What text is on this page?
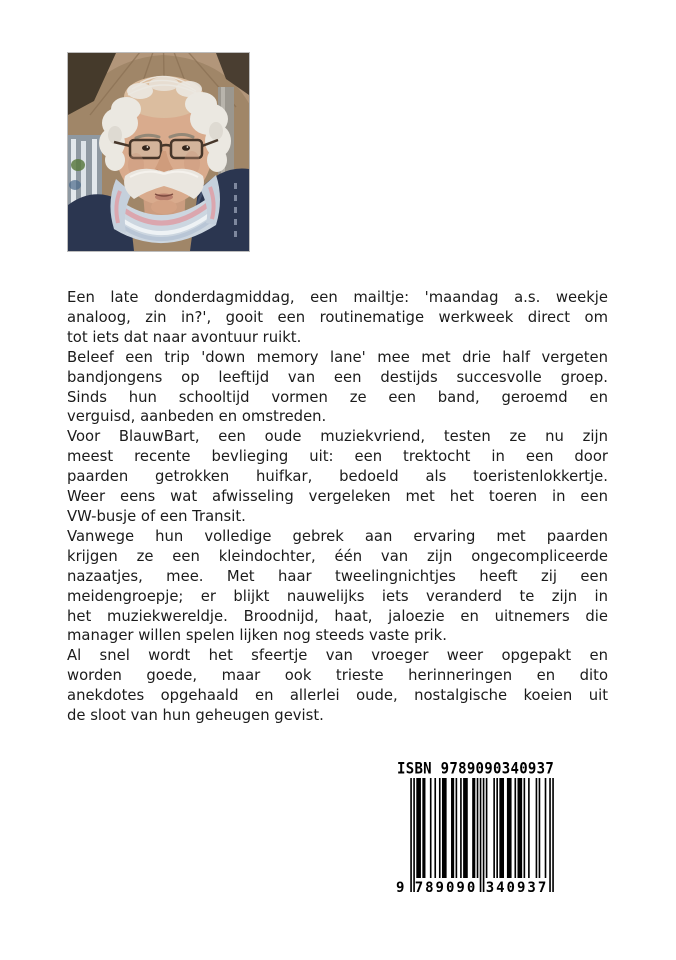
Een late donderdagmiddag, een mailtje: 'maandag a.s. weekje
analoog, zin in?', gooit een routinematige werkweek direct om
tot iets dat naar avontuur ruikt.
Beleef een trip 'down memory lane' mee met drie half vergeten
bandjongens op leeftijd van een destijds succesvolle groep.
Sinds hun schooltijd vormen ze een band, geroemd en
verguisd, aanbeden en omstreden.
Voor BlauwBart, een oude muziekvriend, testen ze nu zijn
meest recente bevlieging uit: een trektocht in een door
paarden getrokken huifkar, bedoeld als toeristenlokkertje.
Weer eens wat afwisseling vergeleken met het toeren in een
VW-busje of een Transit.
Vanwege hun volledige gebrek aan ervaring met paarden
krijgen ze een kleindochter, één van zijn ongecompliceerde
nazaatjes, mee. Met haar tweelingnichtjes heeft zij een
meidengroepje; er blijkt nauwelijks iets veranderd te zijn in
het muziekwereldje. Broodnijd, haat, jaloezie en uitnemers die
manager willen spelen lijken nog steeds vaste prik.
Al snel wordt het sfeertje van vroeger weer opgepakt en
worden goede, maar ook trieste herinneringen en dito
anekdotes opgehaald en allerlei oude, nostalgische koeien uit
de sloot van hun geheugen gevist.
ISBN 9789090340937
9 789090 340937
